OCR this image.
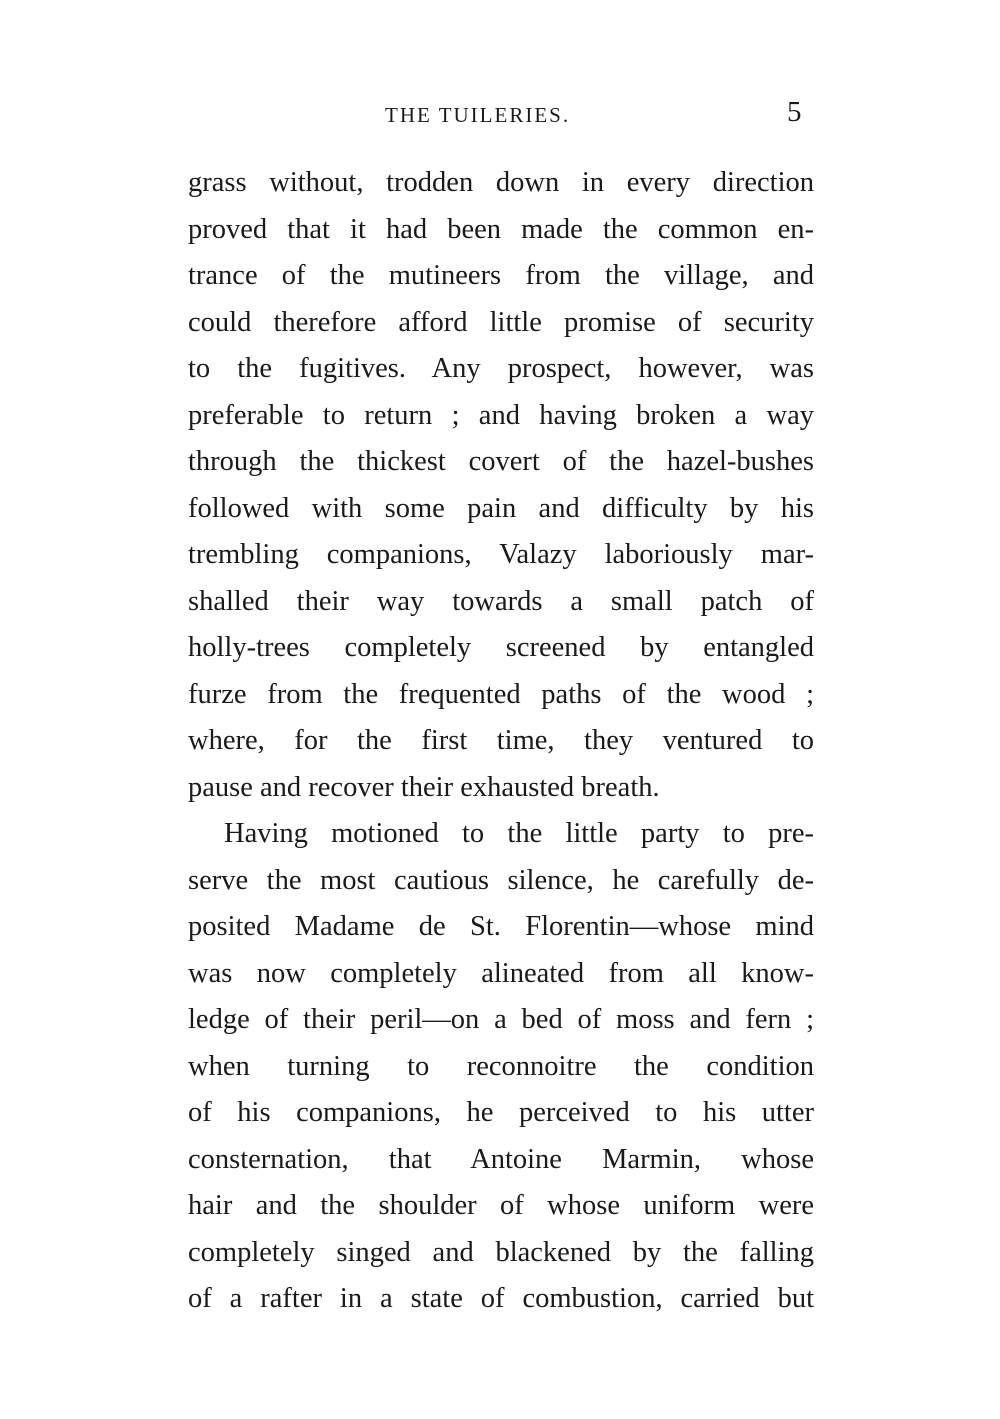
THE TUILERIES.	5
grass without, trodden down in every direction
proved that it had been made the common en-
trance of the mutineers from the village, and
could therefore afford little promise of security
to the fugitives. Any prospect, however, was
preferable to return ; and having broken a way
through the thickest covert of the hazel-bushes
followed with some pain and difficulty by his
trembling companions, Valazy laboriously mar-
shalled their way towards a small patch of
holly-trees completely screened by entangled
furze from the frequented paths of the wood ;
where, for the first time, they ventured to
pause and recover their exhausted breath.
Having motioned to the little party to pre-
serve the most cautious silence, he carefully de-
posited Madame de St. Florentin—whose mind
was now completely alineated from all know-
ledge of their peril—on a bed of moss and fern ;
when turning to reconnoitre the condition
of his companions, he perceived to his utter
consternation, that Antoine Marmin, whose
hair and the shoulder of whose uniform were
completely singed and blackened by the falling
of a rafter in a state of combustion, carried but
